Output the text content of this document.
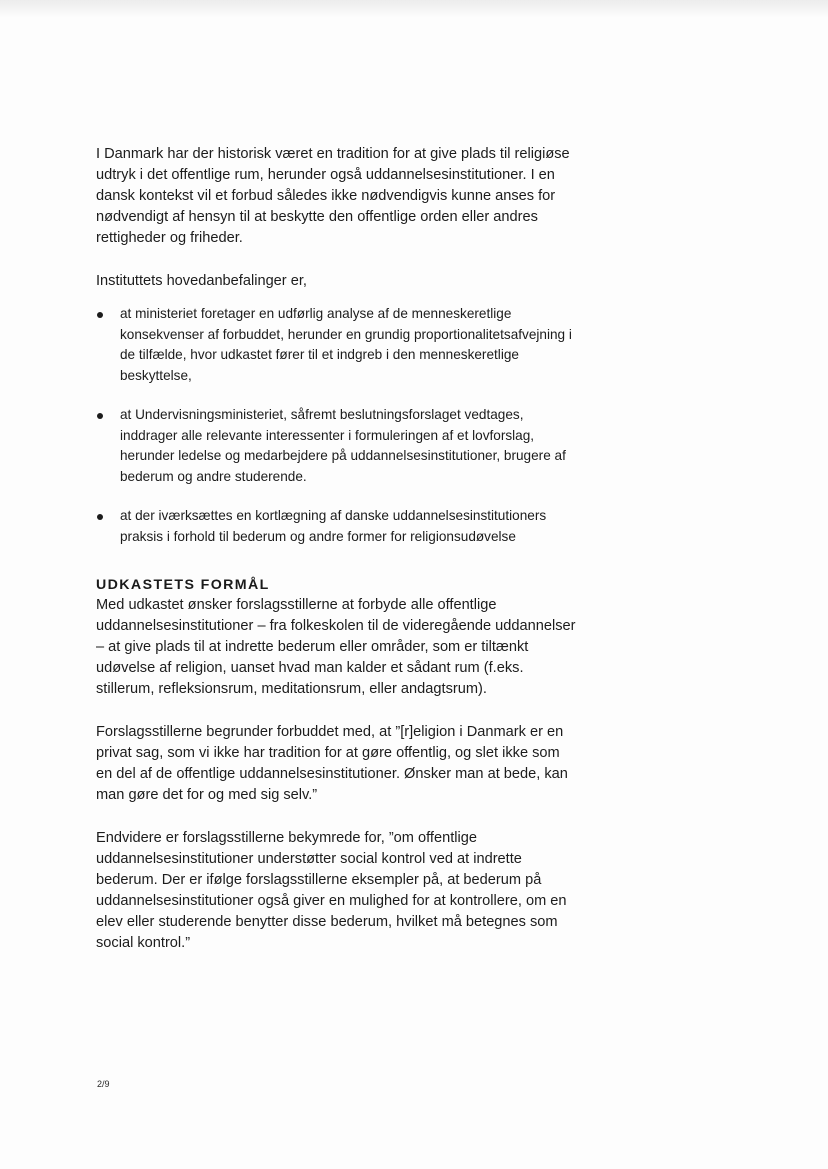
I Danmark har der historisk været en tradition for at give plads til religiøse udtryk i det offentlige rum, herunder også uddannelsesinstitutioner. I en dansk kontekst vil et forbud således ikke nødvendigvis kunne anses for nødvendigt af hensyn til at beskytte den offentlige orden eller andres rettigheder og friheder.

Instituttets hovedanbefalinger er,

at ministeriet foretager en udførlig analyse af de menneskeretlige konsekvenser af forbuddet, herunder en grundig proportionalitetsafvejning i de tilfælde, hvor udkastet fører til et indgreb i den menneskeretlige beskyttelse,
at Undervisningsministeriet, såfremt beslutningsforslaget vedtages, inddrager alle relevante interessenter i formuleringen af et lovforslag, herunder ledelse og medarbejdere på uddannelsesinstitutioner, brugere af bederum og andre studerende.
at der iværksættes en kortlægning af danske uddannelsesinstitutioners praksis i forhold til bederum og andre former for religionsudøvelse
UDKASTETS FORMÅL

Med udkastet ønsker forslagsstillerne at forbyde alle offentlige uddannelsesinstitutioner – fra folkeskolen til de videregående uddannelser – at give plads til at indrette bederum eller områder, som er tiltænkt udøvelse af religion, uanset hvad man kalder et sådant rum (f.eks. stillerum, refleksionsrum, meditationsrum, eller andagtsrum).

Forslagsstillerne begrunder forbuddet med, at ”[r]eligion i Danmark er en privat sag, som vi ikke har tradition for at gøre offentlig, og slet ikke som en del af de offentlige uddannelsesinstitutioner. Ønsker man at bede, kan man gøre det for og med sig selv.”

Endvidere er forslagsstillerne bekymrede for, ”om offentlige uddannelsesinstitutioner understøtter social kontrol ved at indrette bederum. Der er ifølge forslagsstillerne eksempler på, at bederum på uddannelsesinstitutioner også giver en mulighed for at kontrollere, om en elev eller studerende benytter disse bederum, hvilket må betegnes som social kontrol.”

2/9
